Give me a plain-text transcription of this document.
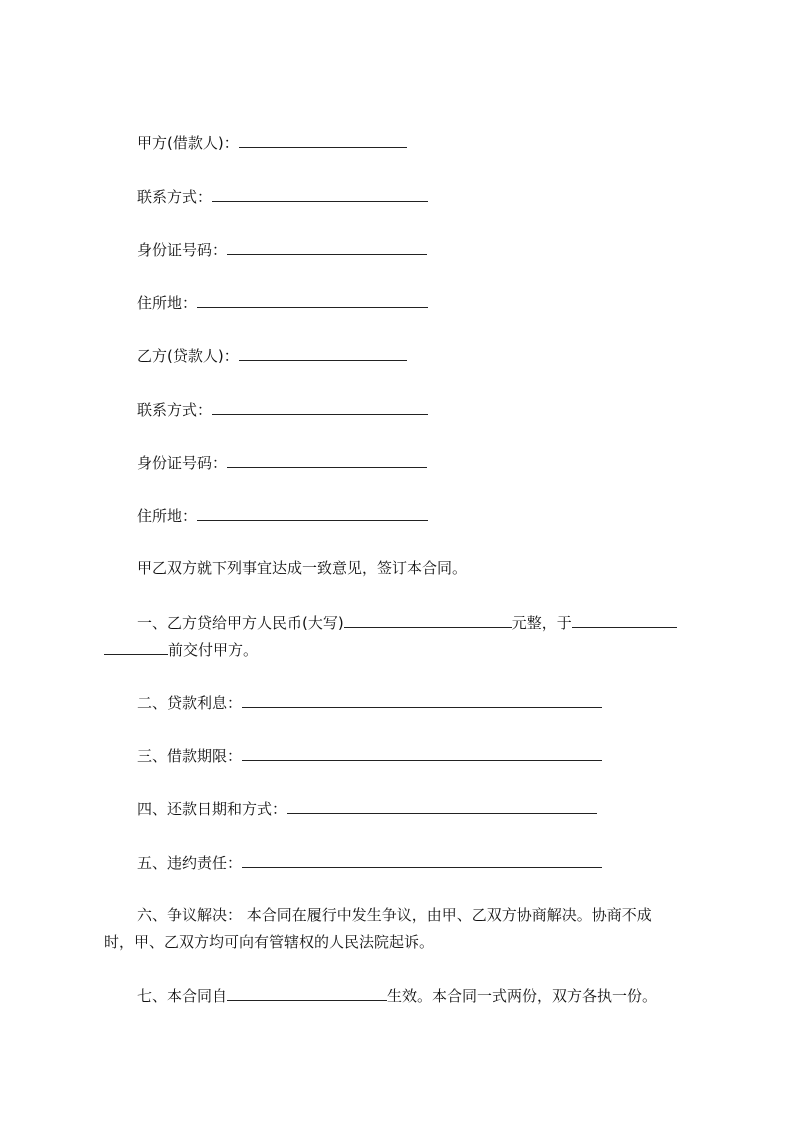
甲方(借款人)：
联系方式：
身份证号码：
住所地：
乙方(贷款人)：
联系方式：
身份证号码：
住所地：
甲乙双方就下列事宜达成一致意见，签订本合同。
一、乙方贷给甲方人民币(大写)	元整，于
前交付甲方。
二、贷款利息：
三、借款期限：
四、还款日期和方式：
五、违约责任：
六、争议解决： 本合同在履行中发生争议，由甲、乙双方协商解决。协商不成
时，甲、乙双方均可向有管辖权的人民法院起诉。
七、本合同自	生效。本合同一式两份，双方各执一份。
